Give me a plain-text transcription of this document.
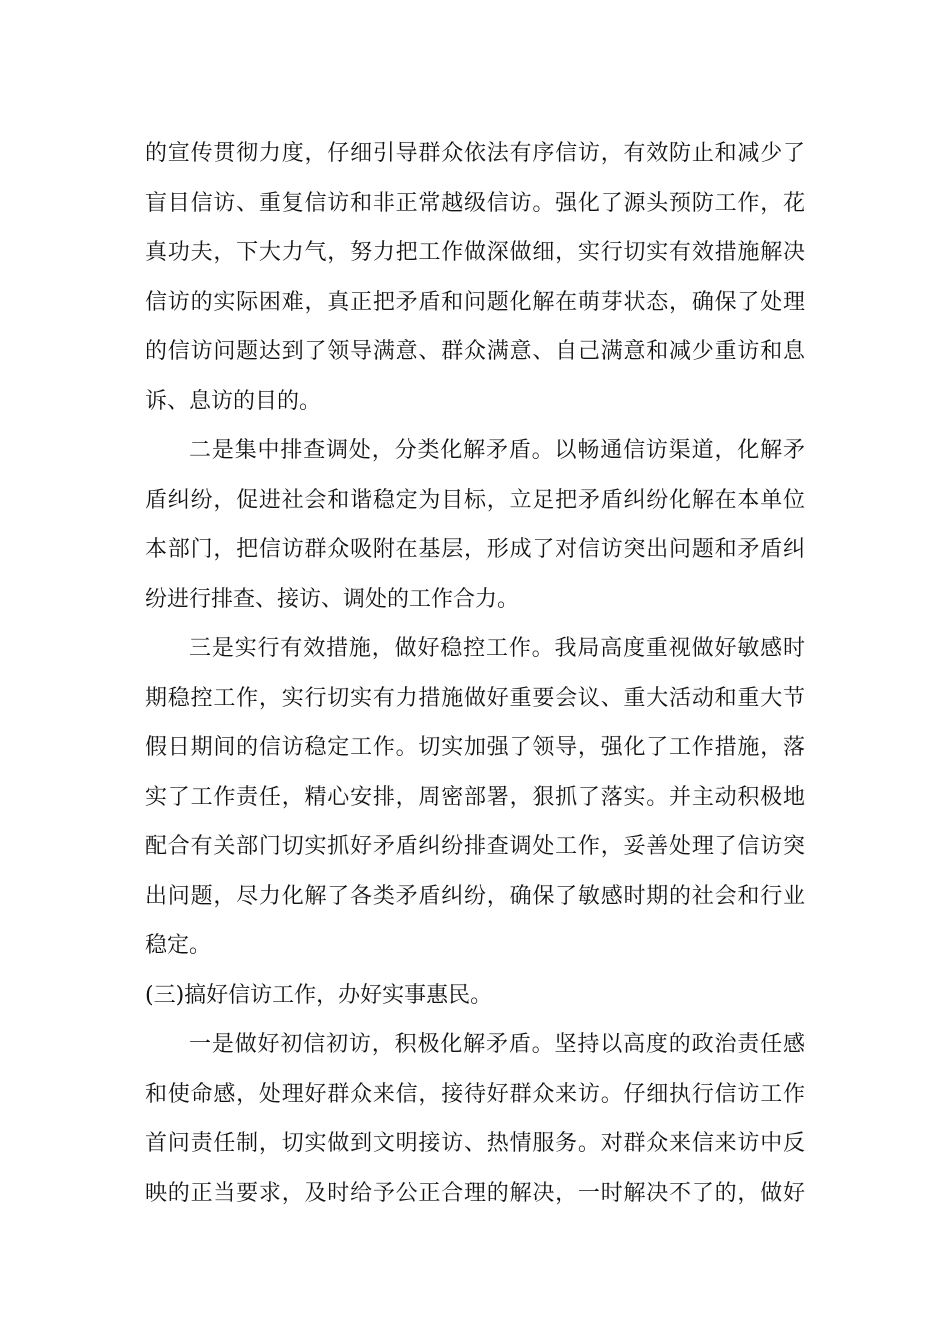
的宣传贯彻力度，仔细引导群众依法有序信访，有效防止和减少了
盲目信访、重复信访和非正常越级信访。强化了源头预防工作，花
真功夫，下大力气，努力把工作做深做细，实行切实有效措施解决
信访的实际困难，真正把矛盾和问题化解在萌芽状态，确保了处理
的信访问题达到了领导满意、群众满意、自己满意和减少重访和息
诉、息访的目的。
二是集中排查调处，分类化解矛盾。以畅通信访渠道，化解矛
盾纠纷，促进社会和谐稳定为目标，立足把矛盾纠纷化解在本单位
本部门，把信访群众吸附在基层，形成了对信访突出问题和矛盾纠
纷进行排查、接访、调处的工作合力。
三是实行有效措施，做好稳控工作。我局高度重视做好敏感时
期稳控工作，实行切实有力措施做好重要会议、重大活动和重大节
假日期间的信访稳定工作。切实加强了领导，强化了工作措施，落
实了工作责任，精心安排，周密部署，狠抓了落实。并主动积极地
配合有关部门切实抓好矛盾纠纷排查调处工作，妥善处理了信访突
出问题，尽力化解了各类矛盾纠纷，确保了敏感时期的社会和行业
稳定。
(三)搞好信访工作，办好实事惠民。
一是做好初信初访，积极化解矛盾。坚持以高度的政治责任感
和使命感，处理好群众来信，接待好群众来访。仔细执行信访工作
首问责任制，切实做到文明接访、热情服务。对群众来信来访中反
映的正当要求，及时给予公正合理的解决，一时解决不了的，做好
